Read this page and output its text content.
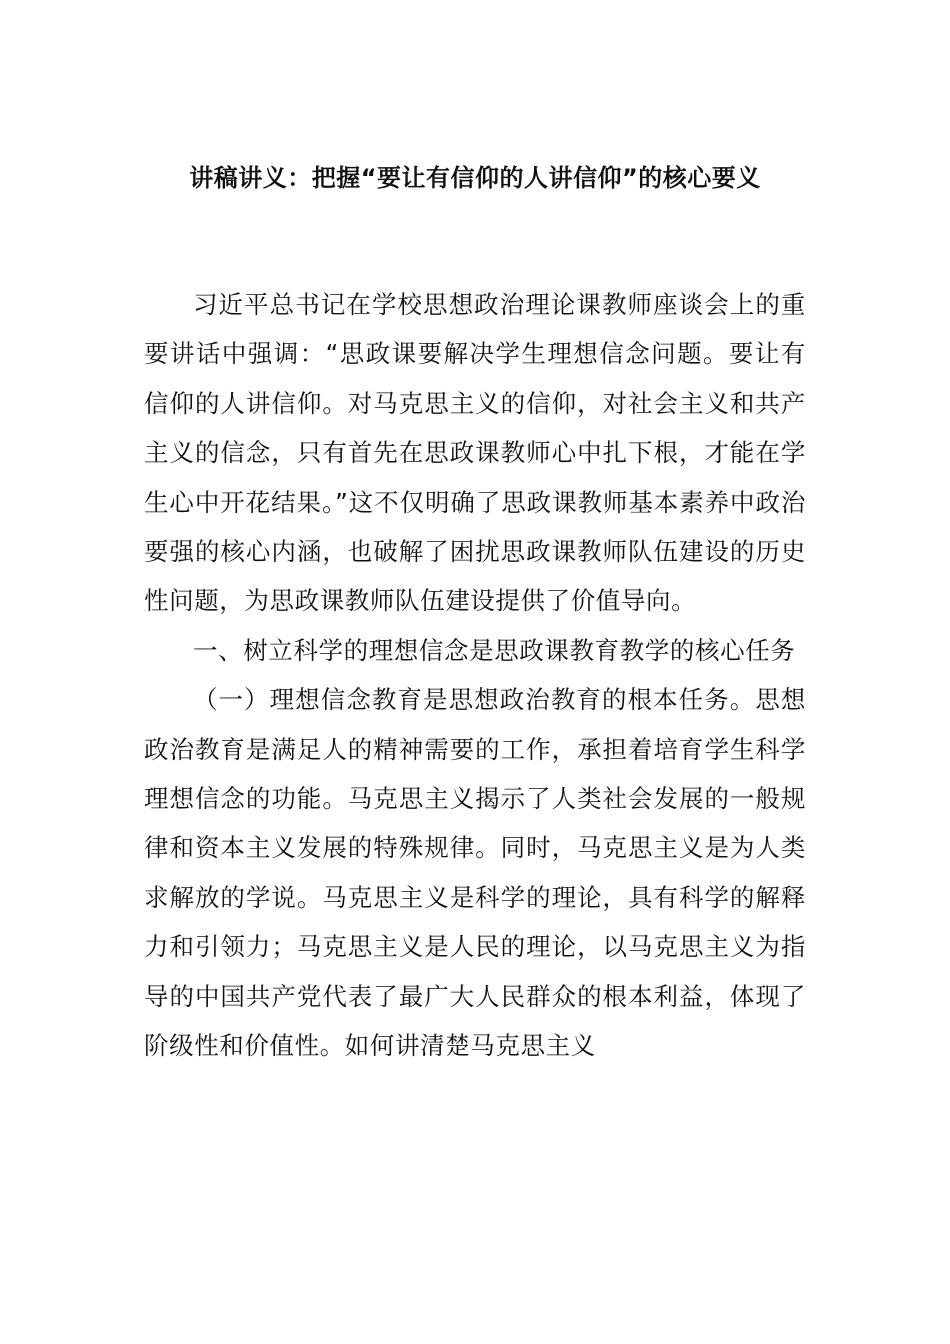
讲稿讲义：把握“要让有信仰的人讲信仰”的核心要义

习近平总书记在学校思想政治理论课教师座谈会上的重要讲话中强调：“思政课要解决学生理想信念问题。要让有信仰的人讲信仰。对马克思主义的信仰，对社会主义和共产主义的信念，只有首先在思政课教师心中扎下根，才能在学生心中开花结果。”这不仅明确了思政课教师基本素养中政治要强的核心内涵，也破解了困扰思政课教师队伍建设的历史性问题，为思政课教师队伍建设提供了价值导向。

一、树立科学的理想信念是思政课教育教学的核心任务

（一）理想信念教育是思想政治教育的根本任务。思想政治教育是满足人的精神需要的工作，承担着培育学生科学理想信念的功能。马克思主义揭示了人类社会发展的一般规律和资本主义发展的特殊规律。同时，马克思主义是为人类求解放的学说。马克思主义是科学的理论，具有科学的解释力和引领力；马克思主义是人民的理论，以马克思主义为指导的中国共产党代表了最广大人民群众的根本利益，体现了阶级性和价值性。如何讲清楚马克思主义
